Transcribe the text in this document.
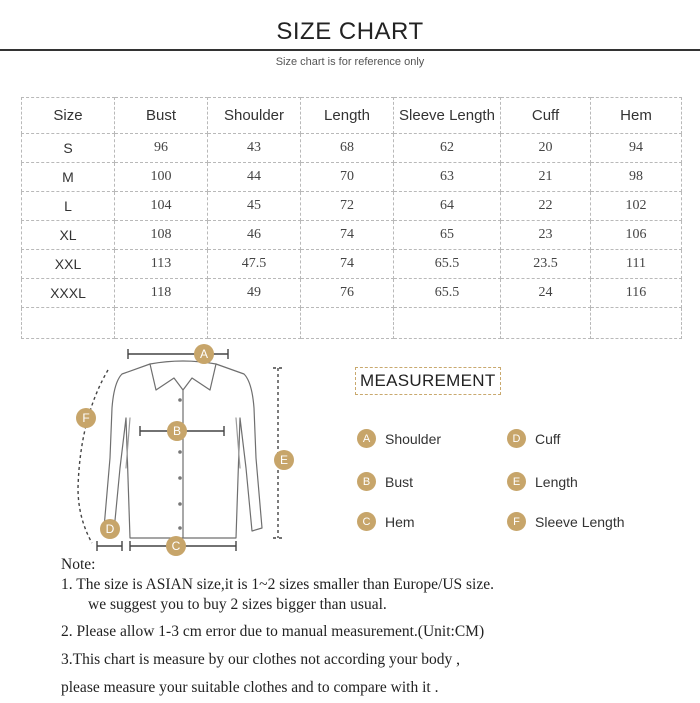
SIZE CHART
Size chart is for reference only
Size	Bust	Shoulder	Length	Sleeve Length	Cuff	Hem
S	96	43	68	62	20	94
M	100	44	70	63	21	98
L	104	45	72	64	22	102
XL	108	46	74	65	23	106
XXL	113	47.5	74	65.5	23.5	111
XXXL	118	49	76	65.5	24	116

A
B
C
D
E
F
MEASUREMENT
A	Shoulder	D	Cuff
B	Bust	E	Length
C	Hem	F	Sleeve Length
Note:
1. The size is ASIAN size,it is 1~2 sizes smaller than Europe/US size.
we suggest you to buy 2 sizes bigger than usual.
2. Please allow 1-3 cm error due to manual measurement.(Unit:CM)
3.This chart is measure by our clothes not according your body ,
please measure your suitable clothes and to compare with it .
